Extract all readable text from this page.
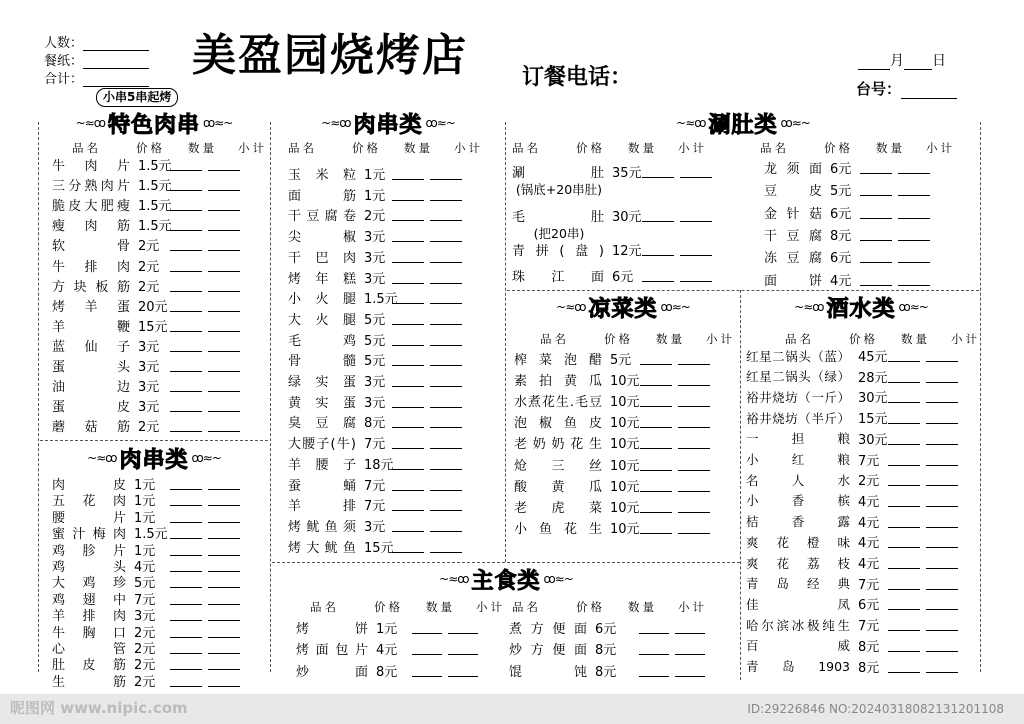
人数：
餐纸：
合计： 美盈园烧烤店 订餐电话：
月 日
台号：
小串5串起烤
~≈ꝏ 特色肉串 ꝏ≈~	~≈ꝏ 肉串类 ꝏ≈~	~≈ꝏ 涮肚类 ꝏ≈~
~≈ꝏ 肉串类 ꝏ≈~
~≈ꝏ 凉菜类 ꝏ≈~	~≈ꝏ 酒水类 ꝏ≈~
~≈ꝏ 主食类 ꝏ≈~
品名	价格 数量 小计	品名	价格 数量 小计	品名	价格 数量 小计	品名	价格 数量 小计
品名	价格 数量 小计
品名	价格 数量 小计
品名	价格 数量 小计 品名	价格 数量 小计
牛肉片 1.5元
三分熟肉片 1.5元
脆皮大肥瘦 1.5元
瘦肉筋 1.5元
软骨 2元
牛排肉 2元
方块板筋 2元
烤羊蛋 20元
羊鞭 15元
蓝仙子 3元
蛋头 3元
油边 3元
蛋皮 3元
蘑菇筋 2元
肉皮 1元
五花肉 1元
腰片 1元
蜜汁梅肉 1.5元
鸡胗片 1元
鸡头 4元
大鸡珍 5元
鸡翅中 7元
羊排肉 3元
牛胸口 2元
心管 2元
肚皮筋 2元
生筋 2元
玉米粒 1元
面筋 1元
干豆腐卷 2元
尖椒 3元
干巴肉 3元
烤年糕 3元
小火腿 1.5元
大火腿 5元
毛鸡 5元
骨髓 5元
绿实蛋 3元
黄实蛋 3元
臭豆腐 8元
大腰子(牛) 7元
羊腰子 18元
蚕蛹 7元
羊排 7元
烤鱿鱼须 3元
烤大鱿鱼 15元
涮肚 35元
(锅底+20串肚)
毛肚 30元
(把20串)
青拼(盘) 12元
珠江面 6元
龙须面 6元
豆皮 5元
金针菇 6元
干豆腐 8元
冻豆腐 6元
面饼 4元
榨菜泡醋 5元
素拍黄瓜 10元
水煮花生.毛豆 10元
泡椒鱼皮 10元
老奶奶花生 10元
炝三丝 10元
酸黄瓜 10元
老虎菜 10元
小鱼花生 10元
红星二锅头（蓝） 45元
红星二锅头（绿） 28元
裕井烧坊（一斤） 30元
裕井烧坊（半斤） 15元
一担粮 30元
小红粮 7元
名人水 2元
小香槟 4元
桔香露 4元
爽花橙味 4元
爽花荔枝 4元
青岛经典 7元
佳凤 6元
哈尔滨冰极纯生 7元
百威 8元
青岛1903 8元
烤饼 1元
烤面包片 4元
炒面 8元
煮方便面 6元
炒方便面 8元
馄饨 8元
昵图网 www.nipic.com	ID:29226846 NO:20240318082131201108
